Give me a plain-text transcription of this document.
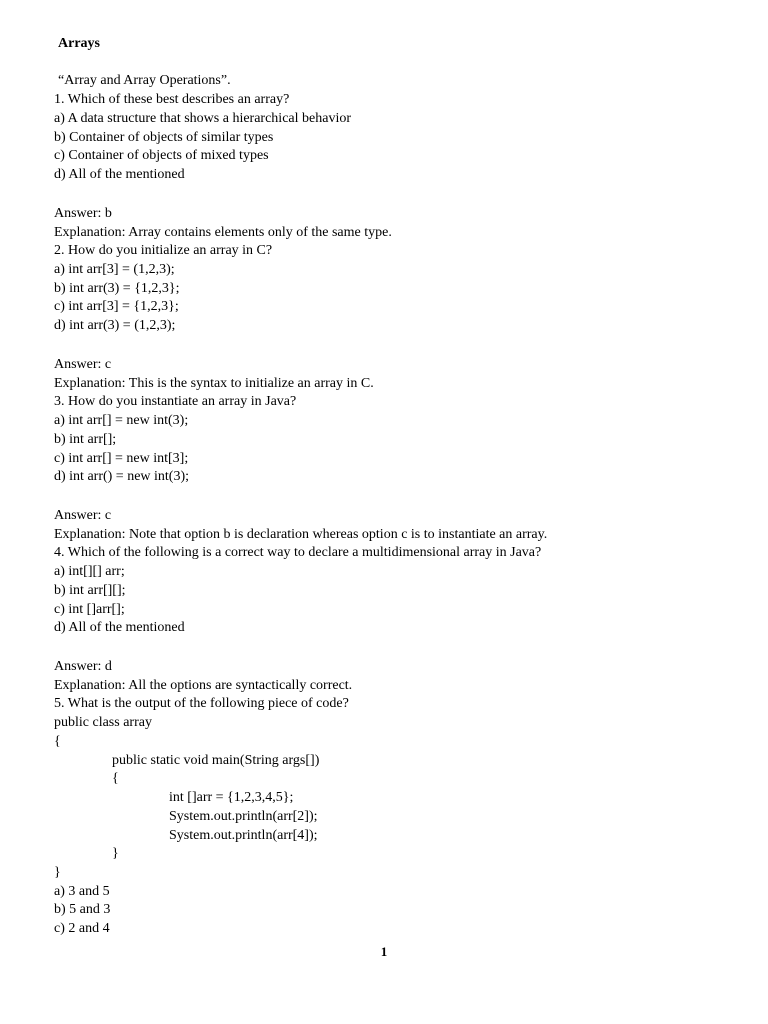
Arrays
“Array and Array Operations”.
1. Which of these best describes an array?
a) A data structure that shows a hierarchical behavior
b) Container of objects of similar types
c) Container of objects of mixed types
d) All of the mentioned
Answer: b
Explanation: Array contains elements only of the same type.
2. How do you initialize an array in C?
a) int arr[3] = (1,2,3);
b) int arr(3) = {1,2,3};
c) int arr[3] = {1,2,3};
d) int arr(3) = (1,2,3);
Answer: c
Explanation: This is the syntax to initialize an array in C.
3. How do you instantiate an array in Java?
a) int arr[] = new int(3);
b) int arr[];
c) int arr[] = new int[3];
d) int arr() = new int(3);
Answer: c
Explanation: Note that option b is declaration whereas option c is to instantiate an array.
4. Which of the following is a correct way to declare a multidimensional array in Java?
a) int[][] arr;
b) int arr[][];
c) int []arr[];
d) All of the mentioned
Answer: d
Explanation: All the options are syntactically correct.
5. What is the output of the following piece of code?
public class array
{
public static void main(String args[])
{
int []arr = {1,2,3,4,5};
System.out.println(arr[2]);
System.out.println(arr[4]);
}
}
a) 3 and 5
b) 5 and 3
c) 2 and 4
1
